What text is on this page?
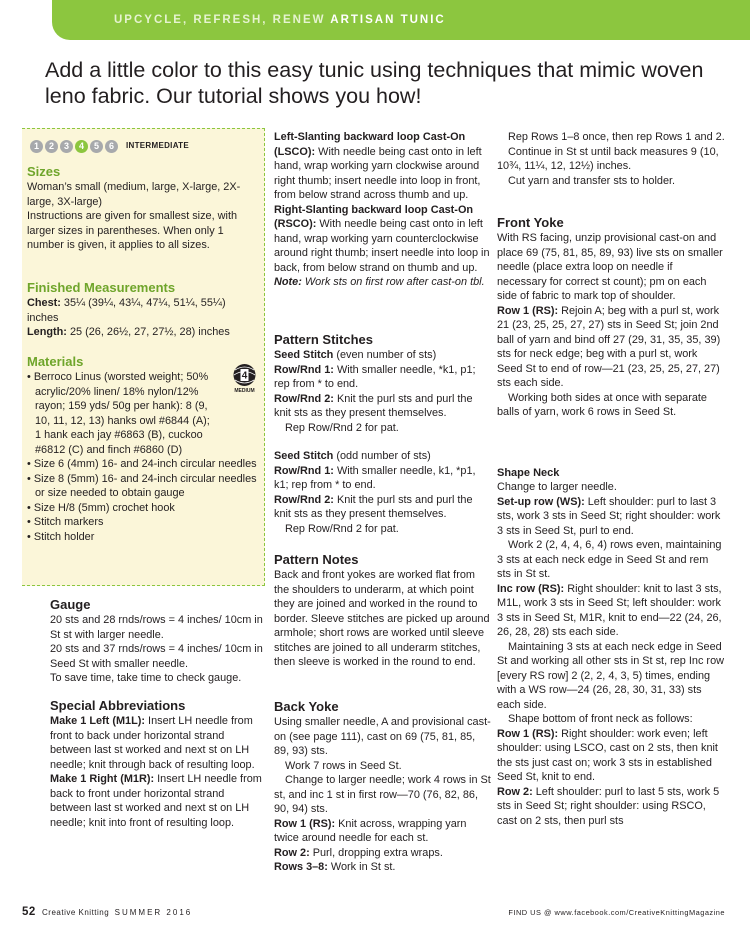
UPCYCLE, REFRESH, RENEW ARTISAN TUNIC
Add a little color to this easy tunic using techniques that mimic woven leno fabric. Our tutorial shows you how!
1	2	3	4	5	6	INTERMEDIATE
Sizes

Woman’s small (medium, large, X-large, 2X-large, 3X-large)

Instructions are given for smallest size, with larger sizes in parentheses. When only 1 number is given, it applies to all sizes.

Finished Measurements

Chest: 35¼ (39¼, 43¼, 47¼, 51¼, 55¼) inches

Length: 25 (26, 26½, 27, 27½, 28) inches

Materials
• Berroco Linus (worsted weight; 50% acrylic/20% linen/ 18% nylon/12% rayon; 159 yds/ 50g per hank): 8 (9, 10, 11, 12, 13) hanks owl #6844 (A); 1 hank each jay #6863 (B), cuckoo #6812 (C) and finch #6860 (D)
• Size 6 (4mm) 16- and 24-inch circular needles
• Size 8 (5mm) 16- and 24-inch circular needles or size needed to obtain gauge
• Size H/8 (5mm) crochet hook
• Stitch markers
• Stitch holder
4
MEDIUM
Gauge

20 sts and 28 rnds/rows = 4 inches/ 10cm in St st with larger needle.

20 sts and 37 rnds/rows = 4 inches/ 10cm in Seed St with smaller needle.

To save time, take time to check gauge.

Special Abbreviations

Make 1 Left (M1L): Insert LH needle from front to back under horizontal strand between last st worked and next st on LH needle; knit through back of resulting loop.

Make 1 Right (M1R): Insert LH needle from back to front under horizontal strand between last st worked and next st on LH needle; knit into front of resulting loop.

Left-Slanting backward loop Cast-On (LSCO): With needle being cast onto in left hand, wrap working yarn clockwise around right thumb; insert needle into loop in front, from below strand across thumb and up.

Right-Slanting backward loop Cast-On (RSCO): With needle being cast onto in left hand, wrap working yarn counterclockwise around right thumb; insert needle into loop in back, from below strand on thumb and up. Note: Work sts on first row after cast-on tbl.

Pattern Stitches

Seed Stitch (even number of sts)

Row/Rnd 1: With smaller needle, *k1, p1; rep from * to end.

Row/Rnd 2: Knit the purl sts and purl the knit sts as they present themselves.

Rep Row/Rnd 2 for pat.

Seed Stitch (odd number of sts)

Row/Rnd 1: With smaller needle, k1, *p1, k1; rep from * to end.

Row/Rnd 2: Knit the purl sts and purl the knit sts as they present themselves.

Rep Row/Rnd 2 for pat.

Pattern Notes

Back and front yokes are worked flat from the shoulders to underarm, at which point they are joined and worked in the round to border. Sleeve stitches are picked up around armhole; short rows are worked until sleeve stitches are joined to all underarm stitches, then sleeve is worked in the round to end.

Back Yoke

Using smaller needle, A and provisional cast-on (see page 111), cast on 69 (75, 81, 85, 89, 93) sts.

Work 7 rows in Seed St.

Change to larger needle; work 4 rows in St st, and inc 1 st in first row—70 (76, 82, 86, 90, 94) sts.

Row 1 (RS): Knit across, wrapping yarn twice around needle for each st.

Row 2: Purl, dropping extra wraps.

Rows 3–8: Work in St st.

Rep Rows 1–8 once, then rep Rows 1 and 2.

Continue in St st until back measures 9 (10, 10¾, 11¼, 12, 12½) inches.

Cut yarn and transfer sts to holder.

Front Yoke

With RS facing, unzip provisional cast-on and place 69 (75, 81, 85, 89, 93) live sts on smaller needle (place extra loop on needle if necessary for correct st count); pm on each side of fabric to mark top of shoulder.

Row 1 (RS): Rejoin A; beg with a purl st, work 21 (23, 25, 25, 27, 27) sts in Seed St; join 2nd ball of yarn and bind off 27 (29, 31, 35, 35, 39) sts for neck edge; beg with a purl st, work Seed St to end of row—21 (23, 25, 25, 27, 27) sts each side.

Working both sides at once with separate balls of yarn, work 6 rows in Seed St.

Shape Neck

Change to larger needle.

Set-up row (WS): Left shoulder: purl to last 3 sts, work 3 sts in Seed St; right shoulder: work 3 sts in Seed St, purl to end.

Work 2 (2, 4, 4, 6, 4) rows even, maintaining 3 sts at each neck edge in Seed St and rem sts in St st.

Inc row (RS): Right shoulder: knit to last 3 sts, M1L, work 3 sts in Seed St; left shoulder: work 3 sts in Seed St, M1R, knit to end—22 (24, 26, 26, 28, 28) sts each side.

Maintaining 3 sts at each neck edge in Seed St and working all other sts in St st, rep Inc row [every RS row] 2 (2, 2, 4, 3, 5) times, ending with a WS row—24 (26, 28, 30, 31, 33) sts each side.

Shape bottom of front neck as follows:

Row 1 (RS): Right shoulder: work even; left shoulder: using LSCO, cast on 2 sts, then knit the sts just cast on; work 3 sts in established Seed St, knit to end.

Row 2: Left shoulder: purl to last 5 sts, work 5 sts in Seed St; right shoulder: using RSCO, cast on 2 sts, then purl sts

52 Creative Knitting SUMMER 2016	FIND US @ www.facebook.com/CreativeKnittingMagazine
